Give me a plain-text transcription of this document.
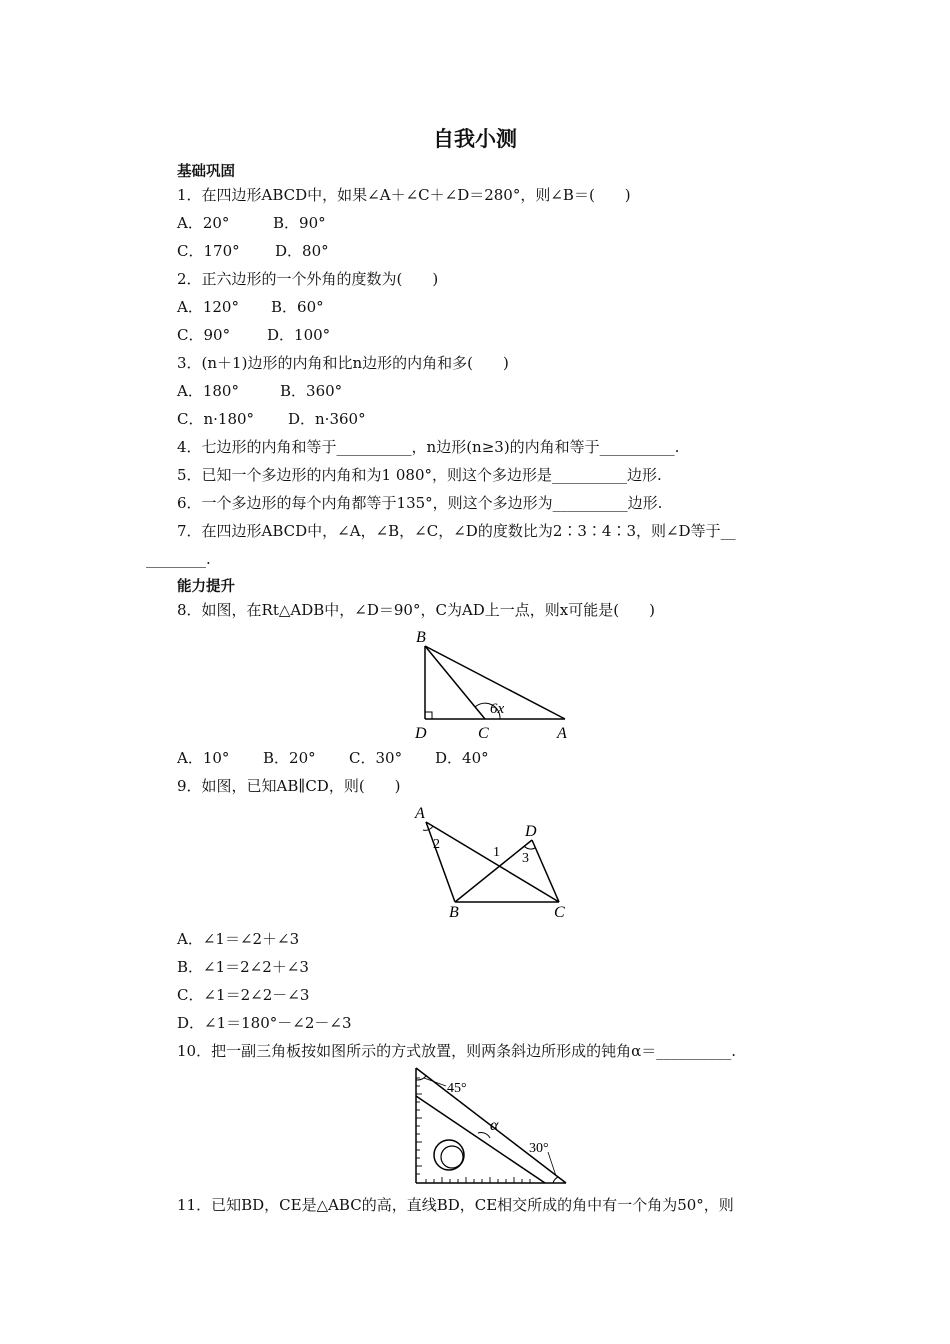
自我小测
基础巩固
1．在四边形ABCD中，如果∠A＋∠C＋∠D＝280°，则∠B＝(　　)
A．20°	B．90°
C．170° D．80°
2．正六边形的一个外角的度数为(　　)
A．120° B．60°
C．90° D．100°
3．(n＋1)边形的内角和比n边形的内角和多(　　)
A．180°	B．360°
C．n·180° D．n·360°
4．七边形的内角和等于__________，n边形(n≥3)的内角和等于__________.
5．已知一个多边形的内角和为1 080°，则这个多边形是__________边形.
6．一个多边形的每个内角都等于135°，则这个多边形为__________边形.
7．在四边形ABCD中，∠A，∠B，∠C，∠D的度数比为2∶3∶4∶3，则∠D等于__
________.
能力提升
8．如图，在Rt△ADB中，∠D＝90°，C为AD上一点，则x可能是(　　)
B
D	C	A
6x
A．10° B．20° C．30° D．40°
9．如图，已知AB∥CD，则(　　)
A
B	C
D
1
2
3
A．∠1＝∠2＋∠3
B．∠1＝2∠2＋∠3
C．∠1＝2∠2－∠3
D．∠1＝180°－∠2－∠3
10．把一副三角板按如图所示的方式放置，则两条斜边所形成的钝角α＝__________.
45°
α
30°
11．已知BD，CE是△ABC的高，直线BD，CE相交所成的角中有一个角为50°，则
